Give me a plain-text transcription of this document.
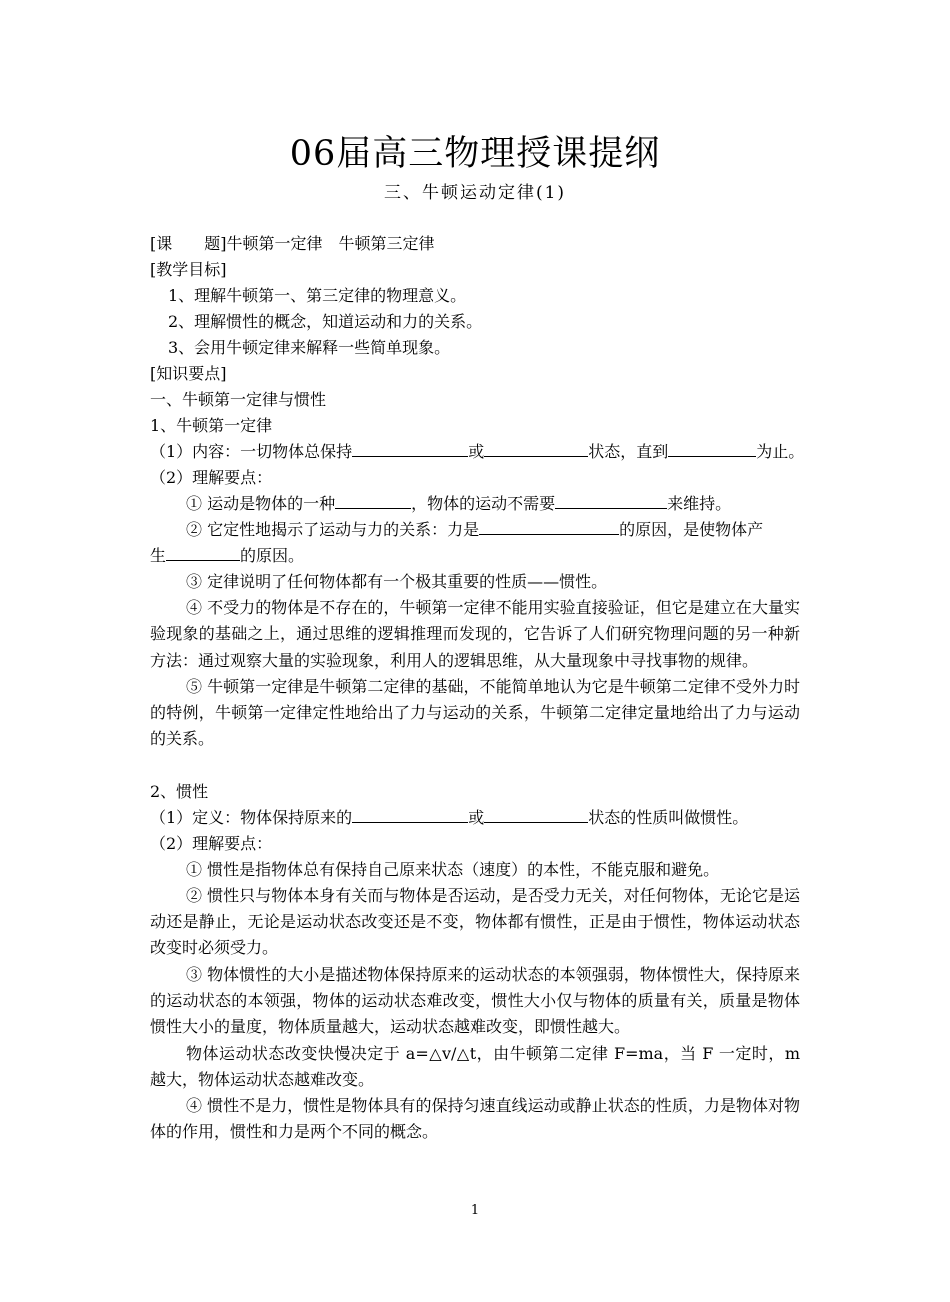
06届高三物理授课提纲
三、牛顿运动定律(1)
[课　　题]牛顿第一定律　牛顿第三定律
[教学目标]
1、理解牛顿第一、第三定律的物理意义。
2、理解惯性的概念，知道运动和力的关系。
3、会用牛顿定律来解释一些简单现象。
[知识要点]
一、牛顿第一定律与惯性
1、牛顿第一定律
（1）内容：一切物体总保持	或	状态，直到	为止。
（2）理解要点：
① 运动是物体的一种	，物体的运动不需要	来维持。
② 它定性地揭示了运动与力的关系：力是	的原因，是使物体产
生	的原因。
③ 定律说明了任何物体都有一个极其重要的性质——惯性。
④ 不受力的物体是不存在的，牛顿第一定律不能用实验直接验证，但它是建立在大量实验现象的基础之上，通过思维的逻辑推理而发现的，它告诉了人们研究物理问题的另一种新方法：通过观察大量的实验现象，利用人的逻辑思维，从大量现象中寻找事物的规律。
⑤ 牛顿第一定律是牛顿第二定律的基础，不能简单地认为它是牛顿第二定律不受外力时的特例，牛顿第一定律定性地给出了力与运动的关系，牛顿第二定律定量地给出了力与运动的关系。
2、惯性
（1）定义：物体保持原来的	或	状态的性质叫做惯性。
（2）理解要点：
① 惯性是指物体总有保持自己原来状态（速度）的本性，不能克服和避免。
② 惯性只与物体本身有关而与物体是否运动，是否受力无关，对任何物体，无论它是运动还是静止，无论是运动状态改变还是不变，物体都有惯性，正是由于惯性，物体运动状态改变时必须受力。
③ 物体惯性的大小是描述物体保持原来的运动状态的本领强弱，物体惯性大，保持原来的运动状态的本领强，物体的运动状态难改变，惯性大小仅与物体的质量有关，质量是物体惯性大小的量度，物体质量越大，运动状态越难改变，即惯性越大。
物体运动状态改变快慢决定于 a=△v/△t，由牛顿第二定律 F=ma，当 F 一定时，m 越大，物体运动状态越难改变。
④ 惯性不是力，惯性是物体具有的保持匀速直线运动或静止状态的性质，力是物体对物体的作用，惯性和力是两个不同的概念。
1
